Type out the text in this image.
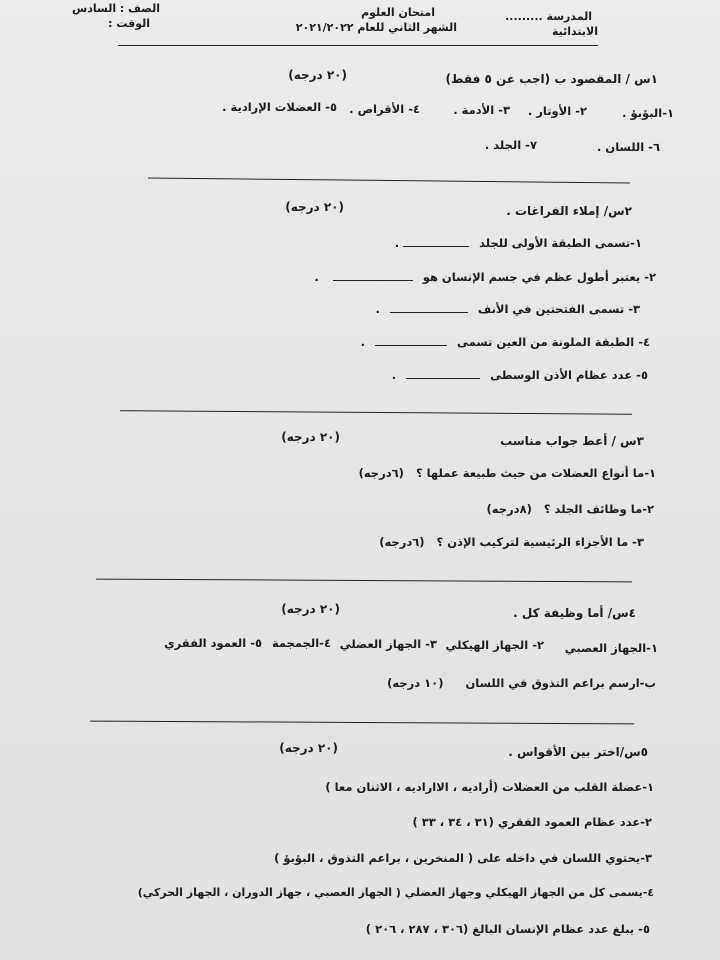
المدرسة .........
الابتدائية
امتحان العلوم
الشهر الثاني للعام ٢٠٢١/٢٠٢٢
الصف : السادس
الوقت :
١س / المقصود ب (اجب عن ٥ فقط)
(٢٠ درجه)
١-البؤبؤ .
٢- الأوتار .
٣- الأدمة .
٤- الأقراص .
٥- العضلات الإرادية .
٦- اللسان .
٧- الجلد .
٢س/ إملاء الفراغات .
(٢٠ درجه)
١-تسمى الطبقة الأولى للجلد  .
٢- يعتبر أطول عظم في جسم الإنسان هو  .
٣- تسمى الفتحتين في الأنف  .
٤- الطبقة الملونة من العين تسمى  .
٥- عدد عظام الأذن الوسطى  .
٣س / أعط جواب مناسب
(٢٠ درجه)
١-ما أنواع العضلات من حيث طبيعة عملها ؟ (٦درجه)
٢-ما وظائف الجلد ؟ (٨درجه)
٣- ما الأجزاء الرئيسية لتركيب الإذن ؟ (٦درجه)
٤س/ أما وظيفة كل .
(٢٠ درجه)
١-الجهاز العصبي
٢- الجهاز الهيكلي
٣- الجهاز العضلي
٤-الجمجمة
٥- العمود الفقري
ب-ارسم براعم التذوق في اللسان (١٠ درجه)
٥س/اختر بين الأقواس .
(٢٠ درجه)
١-عضلة القلب من العضلات (أراديه ، الااراديه ، الاثنان معا )
٢-عدد عظام العمود الفقري (٣١ ، ٣٤ ، ٣٣ )
٣-يحتوي اللسان في داخله على ( المنخرين ، براعم التذوق ، البؤبؤ )
٤-يسمى كل من الجهاز الهيكلي وجهاز العضلي ( الجهاز العصبي ، جهاز الدوران ، الجهاز الحركي)
٥- يبلغ عدد عظام الإنسان البالغ (٣٠٦ ، ٢٨٧ ، ٢٠٦ )
